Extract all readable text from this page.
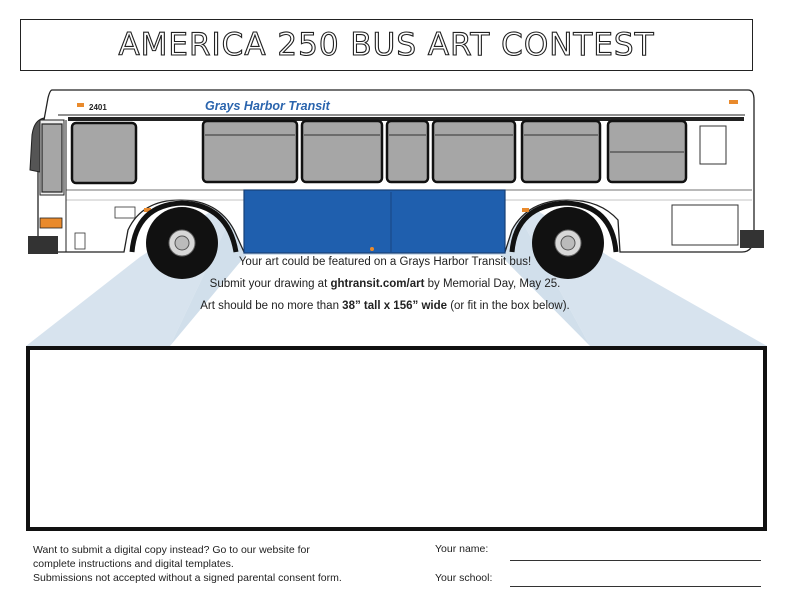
AMERICA 250 BUS ART CONTEST
2401	Grays Harbor Transit

Your art could be featured on a Grays Harbor Transit bus!

Submit your drawing at ghtransit.com/art by Memorial Day, May 25.

Art should be no more than 38” tall x 156” wide (or fit in the box below).

Want to submit a digital copy instead? Go to our website for
complete instructions and digital templates.
Submissions not accepted without a signed parental consent form.
Your name:
Your school:
